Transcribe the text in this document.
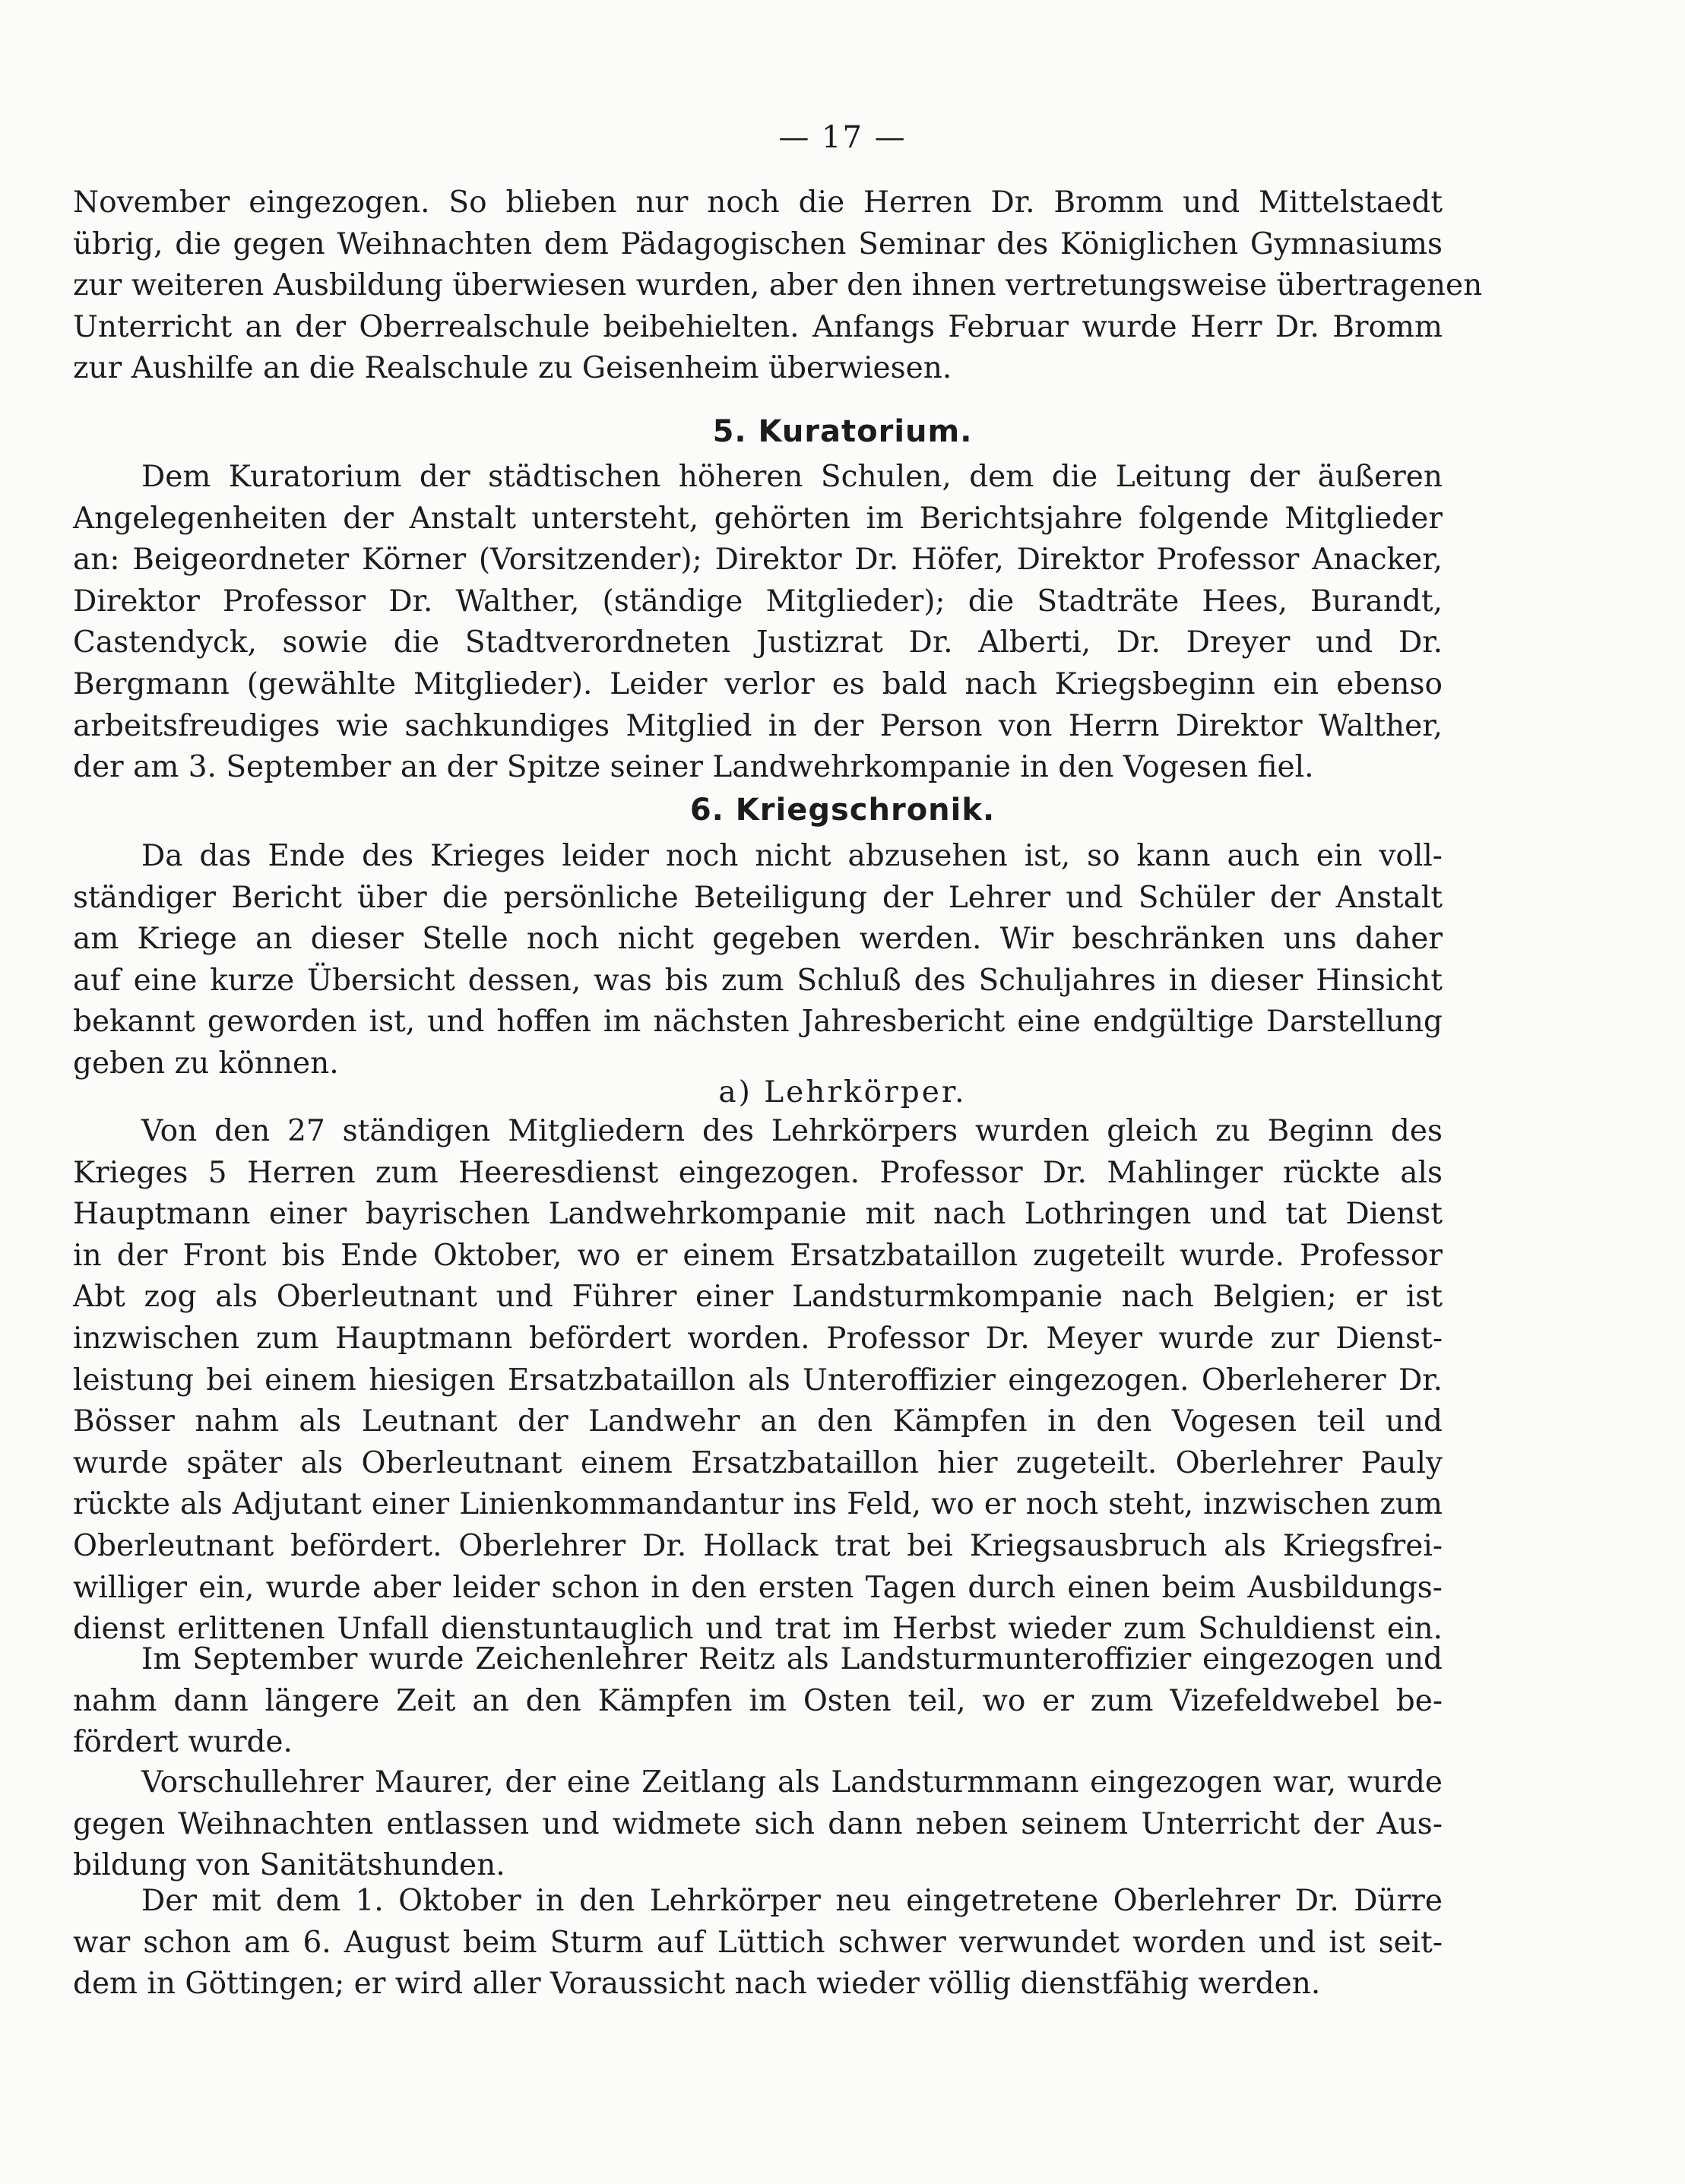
— 17 —
November eingezogen. So blieben nur noch die Herren Dr. Bromm und Mittelstaedt
übrig, die gegen Weihnachten dem Pädagogischen Seminar des Königlichen Gymnasiums
zur weiteren Ausbildung überwiesen wurden, aber den ihnen vertretungsweise übertragenen
Unterricht an der Oberrealschule beibehielten. Anfangs Februar wurde Herr Dr. Bromm
zur Aushilfe an die Realschule zu Geisenheim überwiesen.
5. Kuratorium.
Dem Kuratorium der städtischen höheren Schulen, dem die Leitung der äußeren
Angelegenheiten der Anstalt untersteht, gehörten im Berichtsjahre folgende Mitglieder
an: Beigeordneter Körner (Vorsitzender); Direktor Dr. Höfer, Direktor Professor Anacker,
Direktor Professor Dr. Walther, (ständige Mitglieder); die Stadträte Hees, Burandt,
Castendyck, sowie die Stadtverordneten Justizrat Dr. Alberti, Dr. Dreyer und Dr.
Bergmann (gewählte Mitglieder). Leider verlor es bald nach Kriegsbeginn ein ebenso
arbeitsfreudiges wie sachkundiges Mitglied in der Person von Herrn Direktor Walther,
der am 3. September an der Spitze seiner Landwehrkompanie in den Vogesen fiel.
6. Kriegschronik.
Da das Ende des Krieges leider noch nicht abzusehen ist, so kann auch ein voll-
ständiger Bericht über die persönliche Beteiligung der Lehrer und Schüler der Anstalt
am Kriege an dieser Stelle noch nicht gegeben werden. Wir beschränken uns daher
auf eine kurze Übersicht dessen, was bis zum Schluß des Schuljahres in dieser Hinsicht
bekannt geworden ist, und hoffen im nächsten Jahresbericht eine endgültige Darstellung
geben zu können.
a) Lehrkörper.
Von den 27 ständigen Mitgliedern des Lehrkörpers wurden gleich zu Beginn des
Krieges 5 Herren zum Heeresdienst eingezogen. Professor Dr. Mahlinger rückte als
Hauptmann einer bayrischen Landwehrkompanie mit nach Lothringen und tat Dienst
in der Front bis Ende Oktober, wo er einem Ersatzbataillon zugeteilt wurde. Professor
Abt zog als Oberleutnant und Führer einer Landsturmkompanie nach Belgien; er ist
inzwischen zum Hauptmann befördert worden. Professor Dr. Meyer wurde zur Dienst-
leistung bei einem hiesigen Ersatzbataillon als Unteroffizier eingezogen. Oberleherer Dr.
Bösser nahm als Leutnant der Landwehr an den Kämpfen in den Vogesen teil und
wurde später als Oberleutnant einem Ersatzbataillon hier zugeteilt. Oberlehrer Pauly
rückte als Adjutant einer Linienkommandantur ins Feld, wo er noch steht, inzwischen zum
Oberleutnant befördert. Oberlehrer Dr. Hollack trat bei Kriegsausbruch als Kriegsfrei-
williger ein, wurde aber leider schon in den ersten Tagen durch einen beim Ausbildungs-
dienst erlittenen Unfall dienstuntauglich und trat im Herbst wieder zum Schuldienst ein.
Im September wurde Zeichenlehrer Reitz als Landsturmunteroffizier eingezogen und
nahm dann längere Zeit an den Kämpfen im Osten teil, wo er zum Vizefeldwebel be-
fördert wurde.
Vorschullehrer Maurer, der eine Zeitlang als Landsturmmann eingezogen war, wurde
gegen Weihnachten entlassen und widmete sich dann neben seinem Unterricht der Aus-
bildung von Sanitätshunden.
Der mit dem 1. Oktober in den Lehrkörper neu eingetretene Oberlehrer Dr. Dürre
war schon am 6. August beim Sturm auf Lüttich schwer verwundet worden und ist seit-
dem in Göttingen; er wird aller Voraussicht nach wieder völlig dienstfähig werden.
